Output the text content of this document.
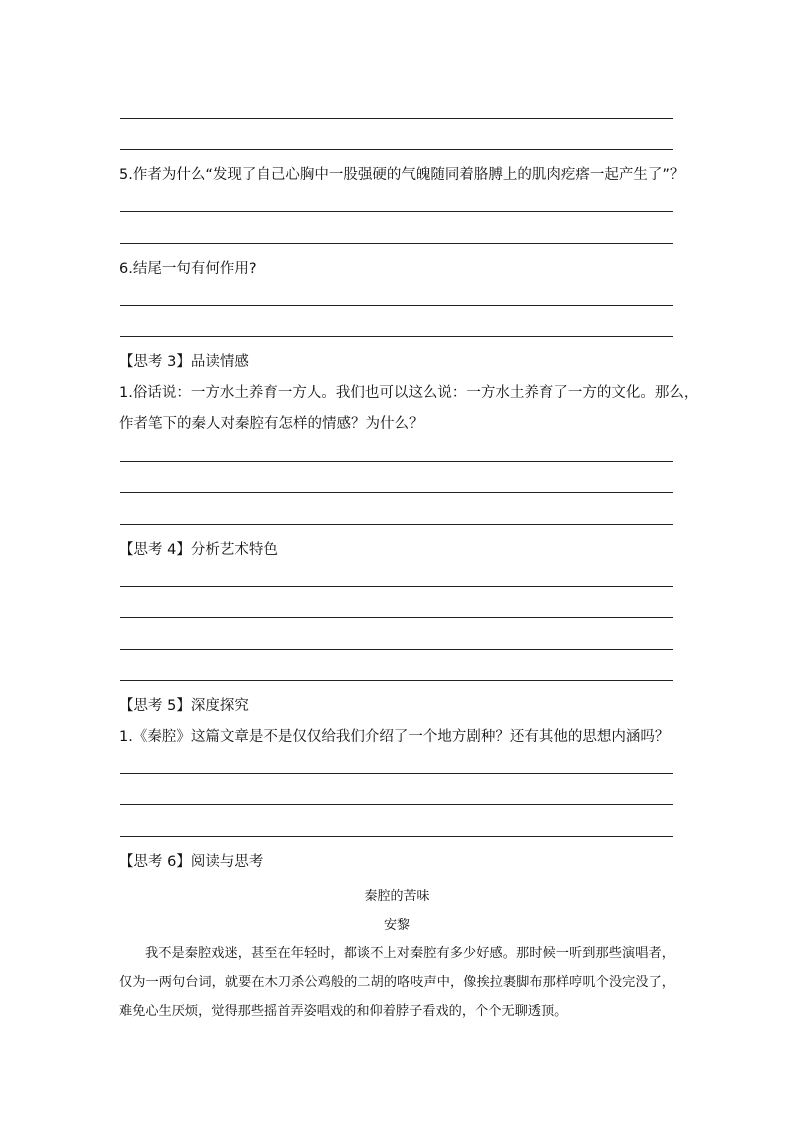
5.作者为什么“发现了自己心胸中一股强硬的气魄随同着胳膊上的肌肉疙瘩一起产生了”？
6.结尾一句有何作用?
【思考 3】品读情感
1.俗话说：一方水土养育一方人。我们也可以这么说：一方水土养育了一方的文化。那么，
作者笔下的秦人对秦腔有怎样的情感？为什么？
【思考 4】分析艺术特色
【思考 5】深度探究
1.《秦腔》这篇文章是不是仅仅给我们介绍了一个地方剧种？还有其他的思想内涵吗？
【思考 6】阅读与思考
秦腔的苦味
安黎
我不是秦腔戏迷，甚至在年轻时，都谈不上对秦腔有多少好感。那时候一听到那些演唱者，仅为一两句台词，就要在木刀杀公鸡般的二胡的咯吱声中，像挨拉裹脚布那样哼叽个没完没了，难免心生厌烦，觉得那些摇首弄姿唱戏的和仰着脖子看戏的，个个无聊透顶。
